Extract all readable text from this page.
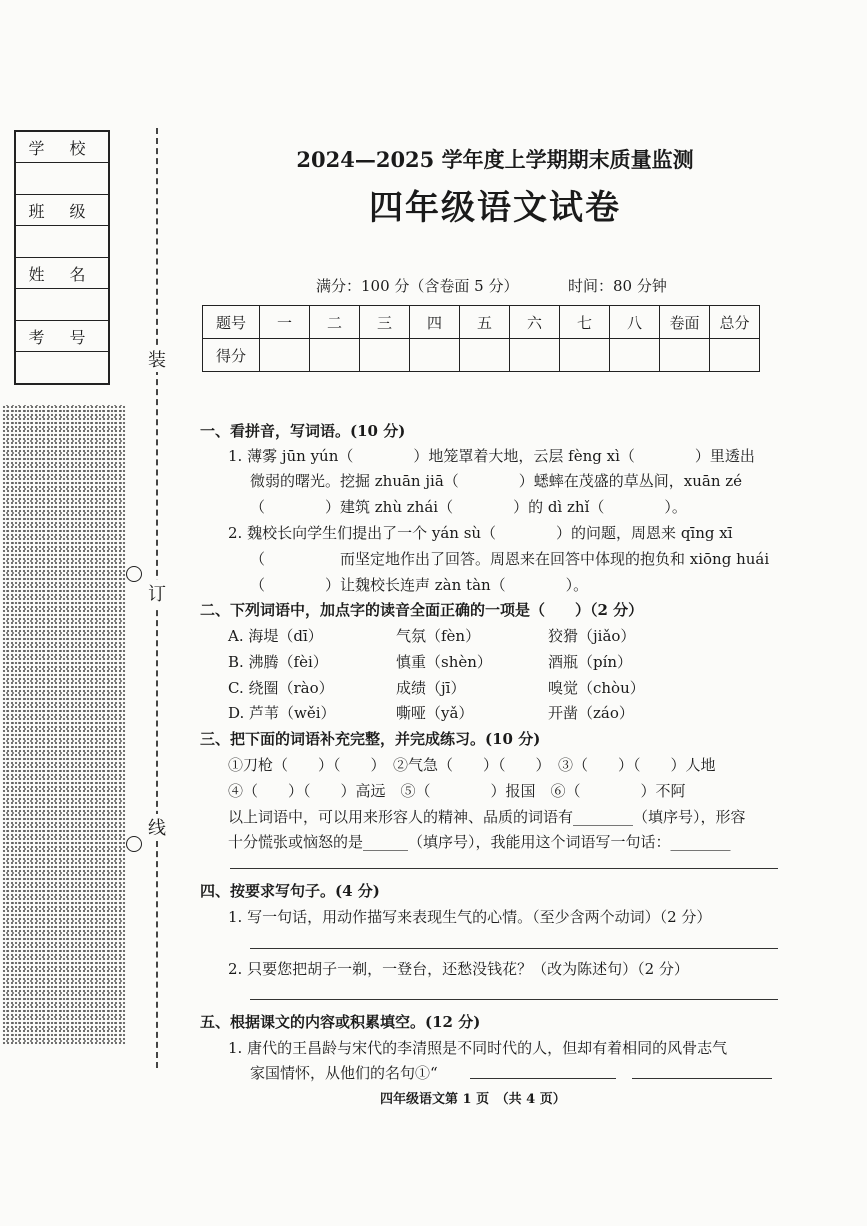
学 校
班 级
姓 名
考 号
装
订
线
2024—2025 学年度上学期期末质量监测
四年级语文试卷
满分：100 分（含卷面 5 分）	时间：80 分钟
题号	一	二	三	四	五	六	七	八	卷面	总分
得分										
一、看拼音，写词语。(10 分)
1. 薄雾 jūn yún（　　　　）地笼罩着大地，云层 fèng xì（　　　　）里透出
微弱的曙光。挖掘 zhuān jiā（　　　　）蟋蟀在茂盛的草丛间，xuān zé
（　　　　）建筑 zhù zhái（　　　　）的 dì zhǐ（　　　　）。
2. 魏校长向学生们提出了一个 yán sù（　　　　）的问题，周恩来 qīng xī
（　　　　　而坚定地作出了回答。周恩来在回答中体现的抱负和 xiōng huái
（　　　　）让魏校长连声 zàn tàn（　　　　）。
二、下列词语中，加点字的读音全面正确的一项是（　　）（2 分）
A. 海堤（dī）	气氛（fèn）	狡猾（jiǎo）
B. 沸腾（fèi）	慎重（shèn）	酒瓶（pín）
C. 绕圈（rào）	成绩（jī）	嗅觉（chòu）
D. 芦苇（wěi）	嘶哑（yǎ）	开凿（záo）
三、把下面的词语补充完整，并完成练习。(10 分)
①刀枪（　　）（　　）　②气急（　　）（　　）　③（　　）（　　）人地
④（　　）（　　）高远　⑤（　　　　）报国　⑥（　　　　）不阿
以上词语中，可以用来形容人的精神、品质的词语有________（填序号），形容
十分慌张或恼怒的是______（填序号），我能用这个词语写一句话：________
四、按要求写句子。(4 分)
1. 写一句话，用动作描写来表现生气的心情。（至少含两个动词）（2 分）
2. 只要您把胡子一剃，一登台，还愁没钱花？（改为陈述句）（2 分）
五、根据课文的内容或积累填空。(12 分)
1. 唐代的王昌龄与宋代的李清照是不同时代的人，但却有着相同的风骨志气
家国情怀，从他们的名句①“
四年级语文第 1 页　（共 4 页）
